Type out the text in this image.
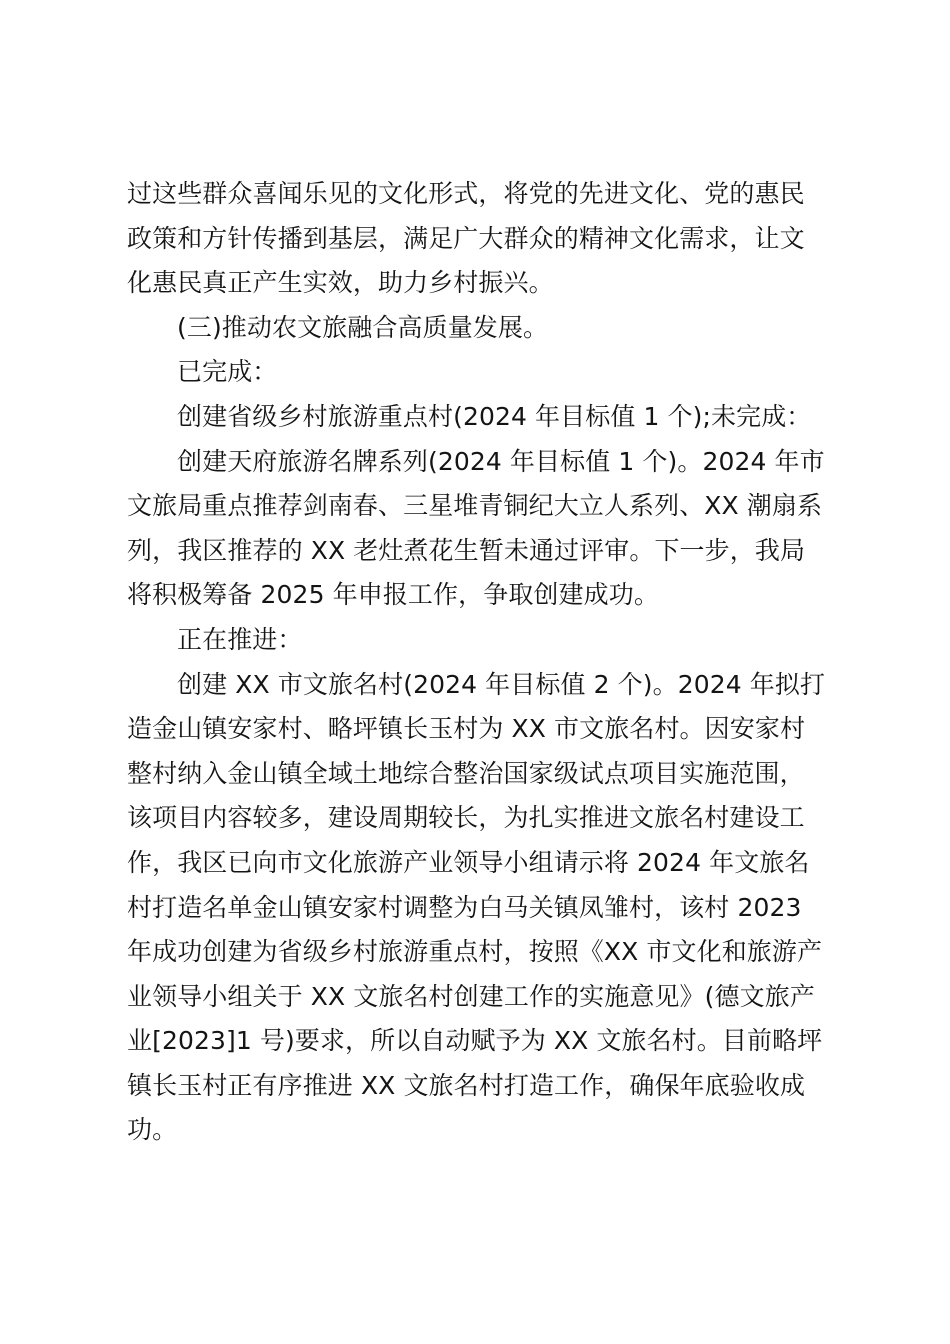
过这些群众喜闻乐见的文化形式，将党的先进文化、党的惠民
政策和方针传播到基层，满足广大群众的精神文化需求，让文
化惠民真正产生实效，助力乡村振兴。
(三)推动农文旅融合高质量发展。
已完成：
创建省级乡村旅游重点村(2024 年目标值 1 个);未完成：
创建天府旅游名牌系列(2024 年目标值 1 个)。2024 年市
文旅局重点推荐剑南春、三星堆青铜纪大立人系列、XX 潮扇系
列，我区推荐的 XX 老灶煮花生暂未通过评审。下一步，我局
将积极筹备 2025 年申报工作，争取创建成功。
正在推进：
创建 XX 市文旅名村(2024 年目标值 2 个)。2024 年拟打
造金山镇安家村、略坪镇长玉村为 XX 市文旅名村。因安家村
整村纳入金山镇全域土地综合整治国家级试点项目实施范围，
该项目内容较多，建设周期较长，为扎实推进文旅名村建设工
作，我区已向市文化旅游产业领导小组请示将 2024 年文旅名
村打造名单金山镇安家村调整为白马关镇凤雏村，该村 2023
年成功创建为省级乡村旅游重点村，按照《XX 市文化和旅游产
业领导小组关于 XX 文旅名村创建工作的实施意见》(德文旅产
业[2023]1 号)要求，所以自动赋予为 XX 文旅名村。目前略坪
镇长玉村正有序推进 XX 文旅名村打造工作，确保年底验收成
功。
